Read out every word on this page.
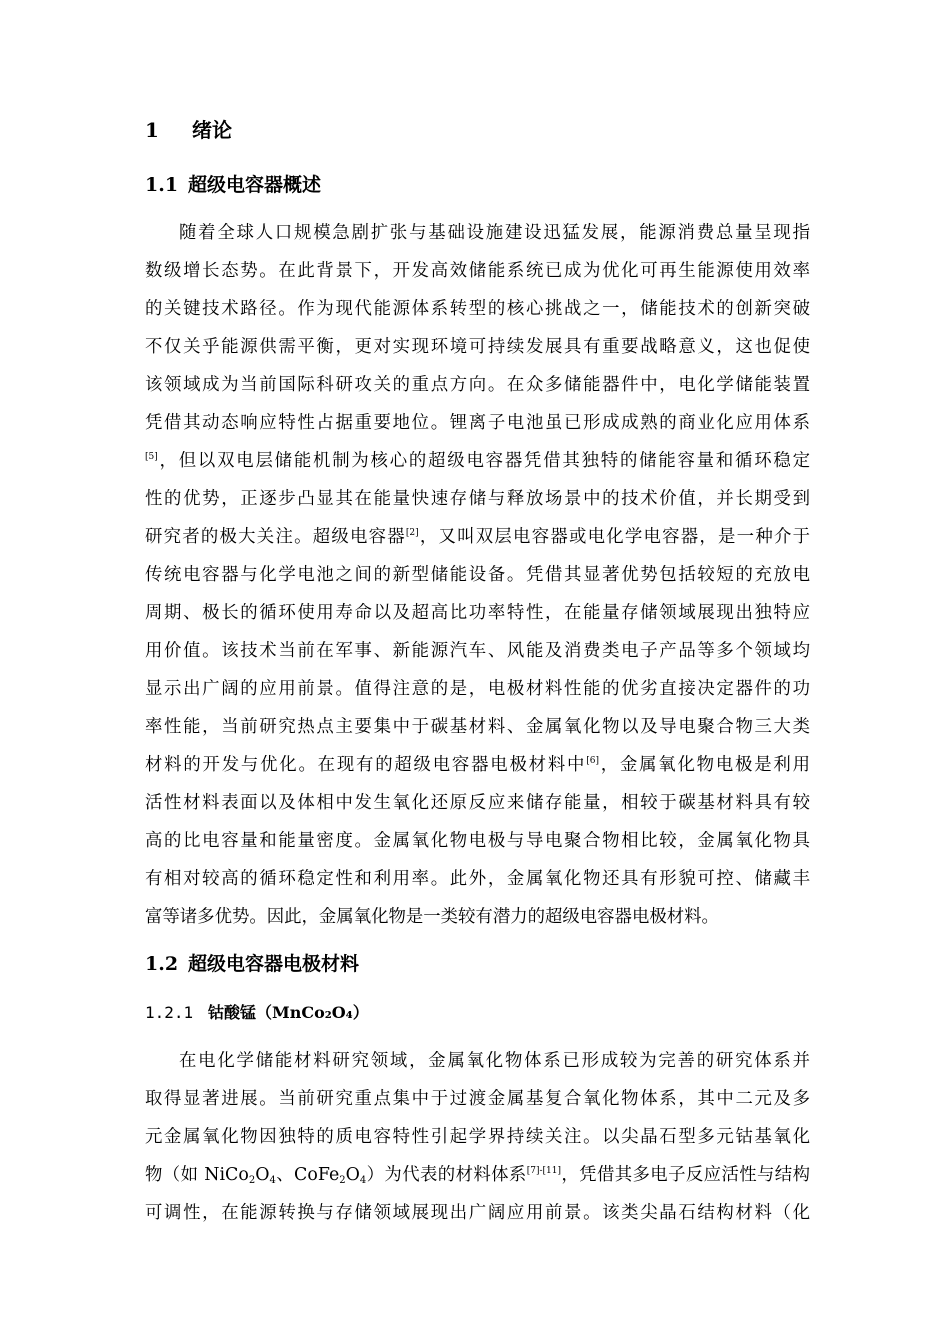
1 绪论
1.1 超级电容器概述
随着全球人口规模急剧扩张与基础设施建设迅猛发展，能源消费总量呈现指
数级增长态势。在此背景下，开发高效储能系统已成为优化可再生能源使用效率
的关键技术路径。作为现代能源体系转型的核心挑战之一，储能技术的创新突破
不仅关乎能源供需平衡，更对实现环境可持续发展具有重要战略意义，这也促使
该领域成为当前国际科研攻关的重点方向。在众多储能器件中，电化学储能装置
凭借其动态响应特性占据重要地位。锂离子电池虽已形成成熟的商业化应用体系
[5]，但以双电层储能机制为核心的超级电容器凭借其独特的储能容量和循环稳定
性的优势，正逐步凸显其在能量快速存储与释放场景中的技术价值，并长期受到
研究者的极大关注。超级电容器[2]，又叫双层电容器或电化学电容器，是一种介于
传统电容器与化学电池之间的新型储能设备。凭借其显著优势包括较短的充放电
周期、极长的循环使用寿命以及超高比功率特性，在能量存储领域展现出独特应
用价值。该技术当前在军事、新能源汽车、风能及消费类电子产品等多个领域均
显示出广阔的应用前景。值得注意的是，电极材料性能的优劣直接决定器件的功
率性能，当前研究热点主要集中于碳基材料、金属氧化物以及导电聚合物三大类
材料的开发与优化。在现有的超级电容器电极材料中[6]，金属氧化物电极是利用
活性材料表面以及体相中发生氧化还原反应来储存能量，相较于碳基材料具有较
高的比电容量和能量密度。金属氧化物电极与导电聚合物相比较，金属氧化物具
有相对较高的循环稳定性和利用率。此外，金属氧化物还具有形貌可控、储藏丰
富等诸多优势。因此，金属氧化物是一类较有潜力的超级电容器电极材料。
1.2 超级电容器电极材料
1.2.1 钴酸锰（MnCo₂O₄）
在电化学储能材料研究领域，金属氧化物体系已形成较为完善的研究体系并
取得显著进展。当前研究重点集中于过渡金属基复合氧化物体系，其中二元及多
元金属氧化物因独特的质电容特性引起学界持续关注。以尖晶石型多元钴基氧化
物（如 $NiCo_2O_4$、$CoFe_2O_4$）为代表的材料体系[7]-[11]，凭借其多电子反应活性与结构
可调性，在能源转换与存储领域展现出广阔应用前景。该类尖晶石结构材料（化
